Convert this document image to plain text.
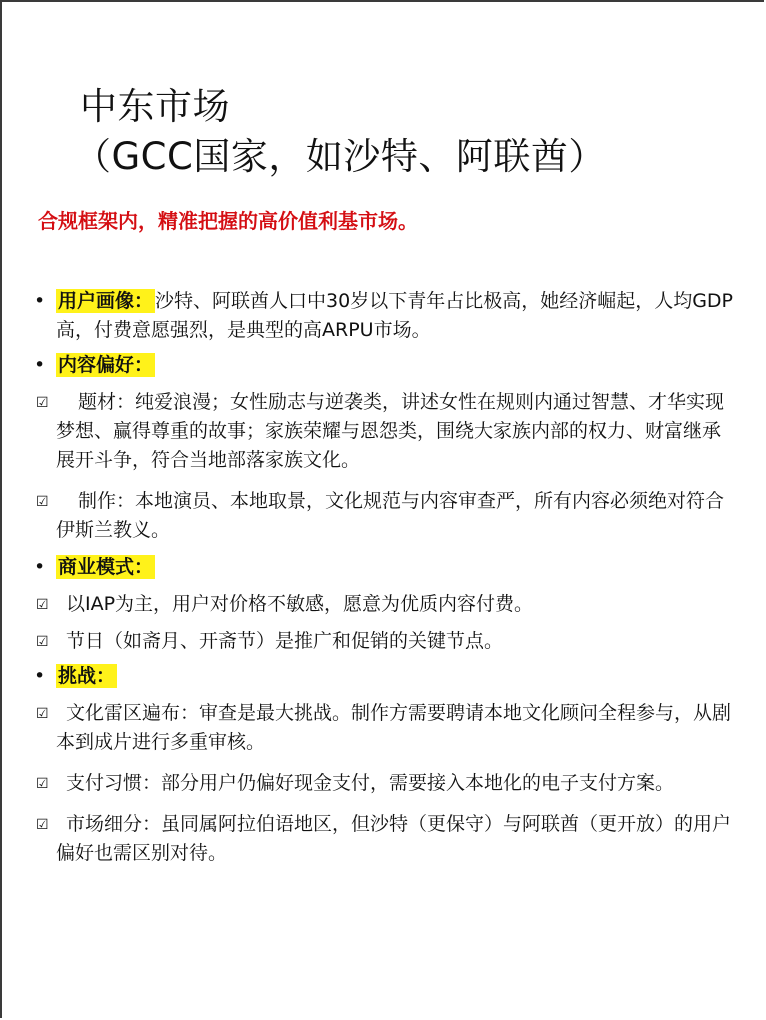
中东市场
（GCC国家，如沙特、阿联酋）
合规框架内，精准把握的高价值利基市场。
• 用户画像： 沙特、阿联酋人口中30岁以下青年占比极高，她经济崛起，人均GDP高，付费意愿强烈，是典型的高ARPU市场。
• 内容偏好：
☑	题材：纯爱浪漫；女性励志与逆袭类，讲述女性在规则内通过智慧、才华实现梦想、赢得尊重的故事；家族荣耀与恩怨类，围绕大家族内部的权力、财富继承展开斗争，符合当地部落家族文化。
☑	制作：本地演员、本地取景，文化规范与内容审查严，所有内容必须绝对符合伊斯兰教义。
• 商业模式：
☑ 以IAP为主，用户对价格不敏感，愿意为优质内容付费。
☑ 节日（如斋月、开斋节）是推广和促销的关键节点。
• 挑战：
☑ 文化雷区遍布：审查是最大挑战。制作方需要聘请本地文化顾问全程参与，从剧本到成片进行多重审核。
☑ 支付习惯：部分用户仍偏好现金支付，需要接入本地化的电子支付方案。
☑ 市场细分：虽同属阿拉伯语地区，但沙特（更保守）与阿联酋（更开放）的用户偏好也需区别对待。
